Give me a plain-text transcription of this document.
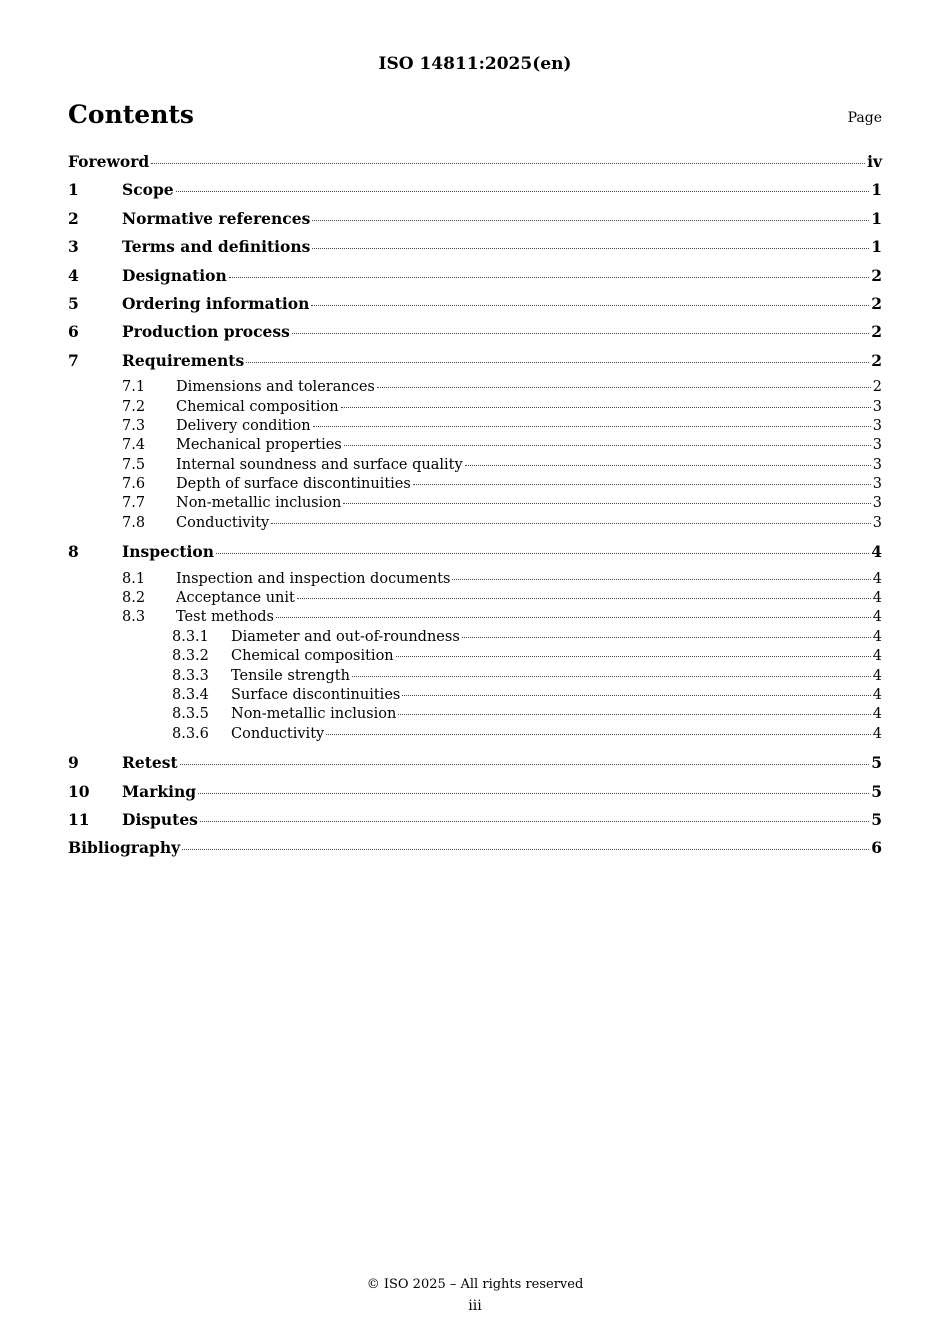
ISO 14811:2025(en)
Contents	Page
Foreword	iv
1	Scope	1
2	Normative references	1
3	Terms and definitions	1
4	Designation	2
5	Ordering information	2
6	Production process	2
7	Requirements	2
7.1	Dimensions and tolerances	2
7.2	Chemical composition	3
7.3	Delivery condition	3
7.4	Mechanical properties	3
7.5	Internal soundness and surface quality	3
7.6	Depth of surface discontinuities	3
7.7	Non-metallic inclusion	3
7.8	Conductivity	3
8	Inspection	4
8.1	Inspection and inspection documents	4
8.2	Acceptance unit	4
8.3	Test methods	4
8.3.1	Diameter and out-of-roundness	4
8.3.2	Chemical composition	4
8.3.3	Tensile strength	4
8.3.4	Surface discontinuities	4
8.3.5	Non-metallic inclusion	4
8.3.6	Conductivity	4
9	Retest	5
10	Marking	5
11	Disputes	5
Bibliography	6
© ISO 2025 – All rights reserved
iii
